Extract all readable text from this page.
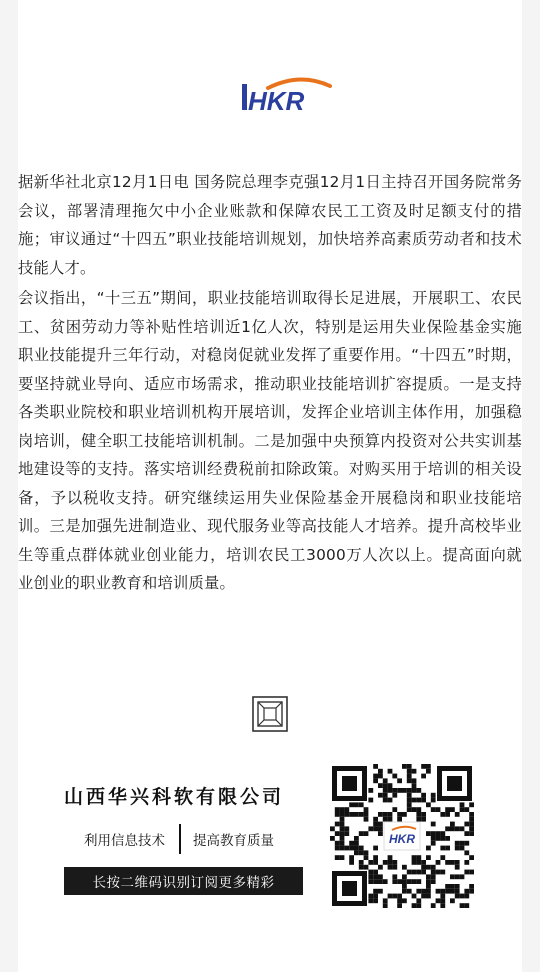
HKR

据新华社北京12月1日电 国务院总理李克强12月1日主持召开国务院常务会议，部署清理拖欠中小企业账款和保障农民工工资及时足额支付的措施；审议通过“十四五”职业技能培训规划，加快培养高素质劳动者和技术技能人才。

会议指出，“十三五”期间，职业技能培训取得长足进展，开展职工、农民工、贫困劳动力等补贴性培训近1亿人次，特别是运用失业保险基金实施职业技能提升三年行动，对稳岗促就业发挥了重要作用。“十四五”时期，要坚持就业导向、适应市场需求，推动职业技能培训扩容提质。一是支持各类职业院校和职业培训机构开展培训，发挥企业培训主体作用，加强稳岗培训，健全职工技能培训机制。二是加强中央预算内投资对公共实训基地建设等的支持。落实培训经费税前扣除政策。对购买用于培训的相关设备，予以税收支持。研究继续运用失业保险基金开展稳岗和职业技能培训。三是加强先进制造业、现代服务业等高技能人才培养。提升高校毕业生等重点群体就业创业能力，培训农民工3000万人次以上。提高面向就业创业的职业教育和培训质量。

山西华兴科软有限公司
利用信息技术 提高教育质量
长按二维码识别订阅更多精彩
HKR
